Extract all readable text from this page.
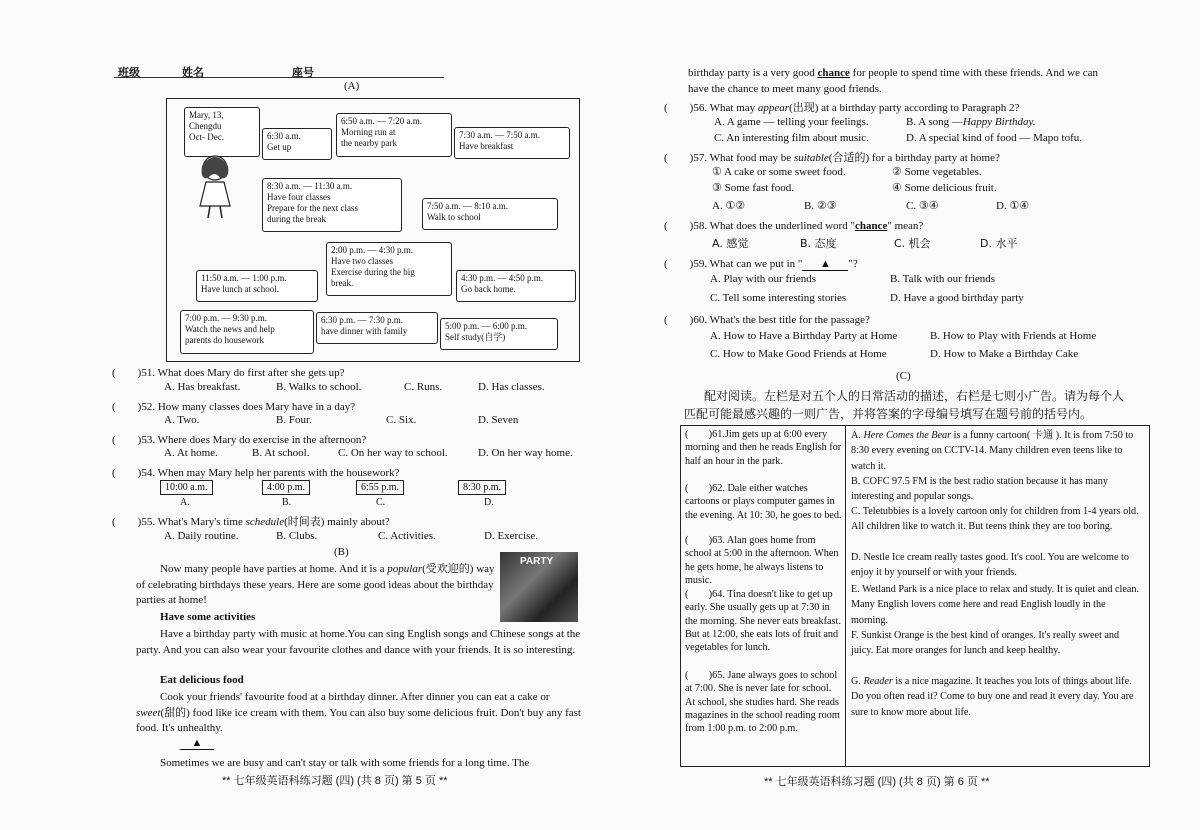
班级	姓名	座号
(A)
Mary, 13,
Chengdu
Oct- Dec.	6:30 a.m.
Get up
6:50 a.m. — 7:20 a.m.
Morning run at
the nearby park
7:30 a.m. — 7:50 a.m.
Have breakfast
7:50 a.m. — 8:10 a.m.
Walk to school
8:30 a.m. — 11:30 a.m.
Have four classes
Prepare for the next class
during the break
11:50 a.m. — 1:00 p.m.
Have lunch at school.
2:00 p.m. — 4:30 p.m.
Have two classes
Exercise during the big
break.	4:30 p.m. — 4:50 p.m.
Go back home.
5:00 p.m. — 6:00 p.m.
Self study(自学)
6:30 p.m. — 7:30 p.m.
have dinner with family
7:00 p.m. — 9:30 p.m.
Watch the news and help
parents do housework
(　　)51. What does Mary do first after she gets up?
A. Has breakfast.	B. Walks to school.	C. Runs.	D. Has classes.
(　　)52. How many classes does Mary have in a day?
A. Two.	B. Four.	C. Six.	D. Seven
(　　)53. Where does Mary do exercise in the afternoon?
A. At home.	B. At school.	C. On her way to school.	D. On her way home.
(　　)54. When may Mary help her parents with the housework?
10:00 a.m.	4:00 p.m.	6:55 p.m.	8:30 p.m.
A.	B.	C.	D.
(　　)55. What's Mary's time schedule(时间表) mainly about?
A. Daily routine.	B. Clubs.	C. Activities.	D. Exercise.
(B)
PARTY
Now many people have parties at home. And it is a popular(受欢迎的) way of celebrating birthdays these years. Here are some good ideas about the birthday parties at home!
Have some activities
Have a birthday party with music at home.You can sing English songs and Chinese songs at the party. And you can also wear your favourite clothes and dance with your friends. It is so interesting.
Eat delicious food
Cook your friends' favourite food at a birthday dinner. After dinner you can eat a cake or sweet(甜的) food like ice cream with them. You can also buy some delicious fruit. Don't buy any fast food. It's unhealthy.
▲
Sometimes we are busy and can't stay or talk with some friends for a long time. The
** 七年级英语科练习题 (四) (共 8 页) 第 5 页 **
birthday party is a very good chance for people to spend time with these friends. And we can
have the chance to meet many good friends.
(　　)56. What may appear(出现) at a birthday party according to Paragraph 2?
A. A game — telling your feelings.	B. A song —Happy Birthday.
C. An interesting film about music.	D. A special kind of food — Mapo tofu.
(　　)57. What food may be suitable(合适的) for a birthday party at home?
① A cake or some sweet food.	② Some vegetables.
③ Some fast food.	④ Some delicious fruit.
A. ①②	B. ②③	C. ③④	D. ①④
(　　)58. What does the underlined word "chance" mean?
A. 感觉	B. 态度	C. 机会	D. 水平
(　　)59. What can we put in " ▲ "?
A. Play with our friends	B. Talk with our friends
C. Tell some interesting stories	D. Have a good birthday party
(　　)60. What's the best title for the passage?
A. How to Have a Birthday Party at Home	B. How to Play with Friends at Home
C. How to Make Good Friends at Home	D. How to Make a Birthday Cake
(C)
配对阅读。左栏是对五个人的日常活动的描述，右栏是七则小广告。请为每个人
匹配可能最感兴趣的一则广告，并将答案的字母编号填写在题号前的括号内。
(　　)61.Jim gets up at 6:00 every morning and then he reads English for half an hour in the park.
(　　)62. Dale either watches cartoons or plays computer games in the evening. At 10: 30, he goes to bed.
(　　)63. Alan goes home from school at 5:00 in the afternoon. When he gets home, he always listens to music.
(　　)64. Tina doesn't like to get up early. She usually gets up at 7:30 in the morning. She never eats breakfast. But at 12:00, she eats lots of fruit and vegetables for lunch.
(　　)65. Jane always goes to school at 7:00. She is never late for school. At school, she studies hard. She reads magazines in the school reading room from 1:00 p.m. to 2:00 p.m.
A. Here Comes the Bear is a funny cartoon( 卡通 ). It is from 7:50 to 8:30 every evening on CCTV-14. Many children even teens like to watch it.
B. COFC 97.5 FM is the best radio station because it has many interesting and popular songs.
C. Teletubbies is a lovely cartoon only for children from 1-4 years old. All children like to watch it. But teens think they are too boring.
D. Nestle Ice cream really tastes good. It's cool. You are welcome to enjoy it by yourself or with your friends.
E. Wetland Park is a nice place to relax and study. It is quiet and clean. Many English lovers come here and read English loudly in the morning.
F. Sunkist Orange is the best kind of oranges. It's really sweet and juicy. Eat more oranges for lunch and keep healthy.
G. Reader is a nice magazine. It teaches you lots of things about life. Do you often read it? Come to buy one and read it every day. You are sure to know more about life.
** 七年级英语科练习题 (四) (共 8 页) 第 6 页 **
